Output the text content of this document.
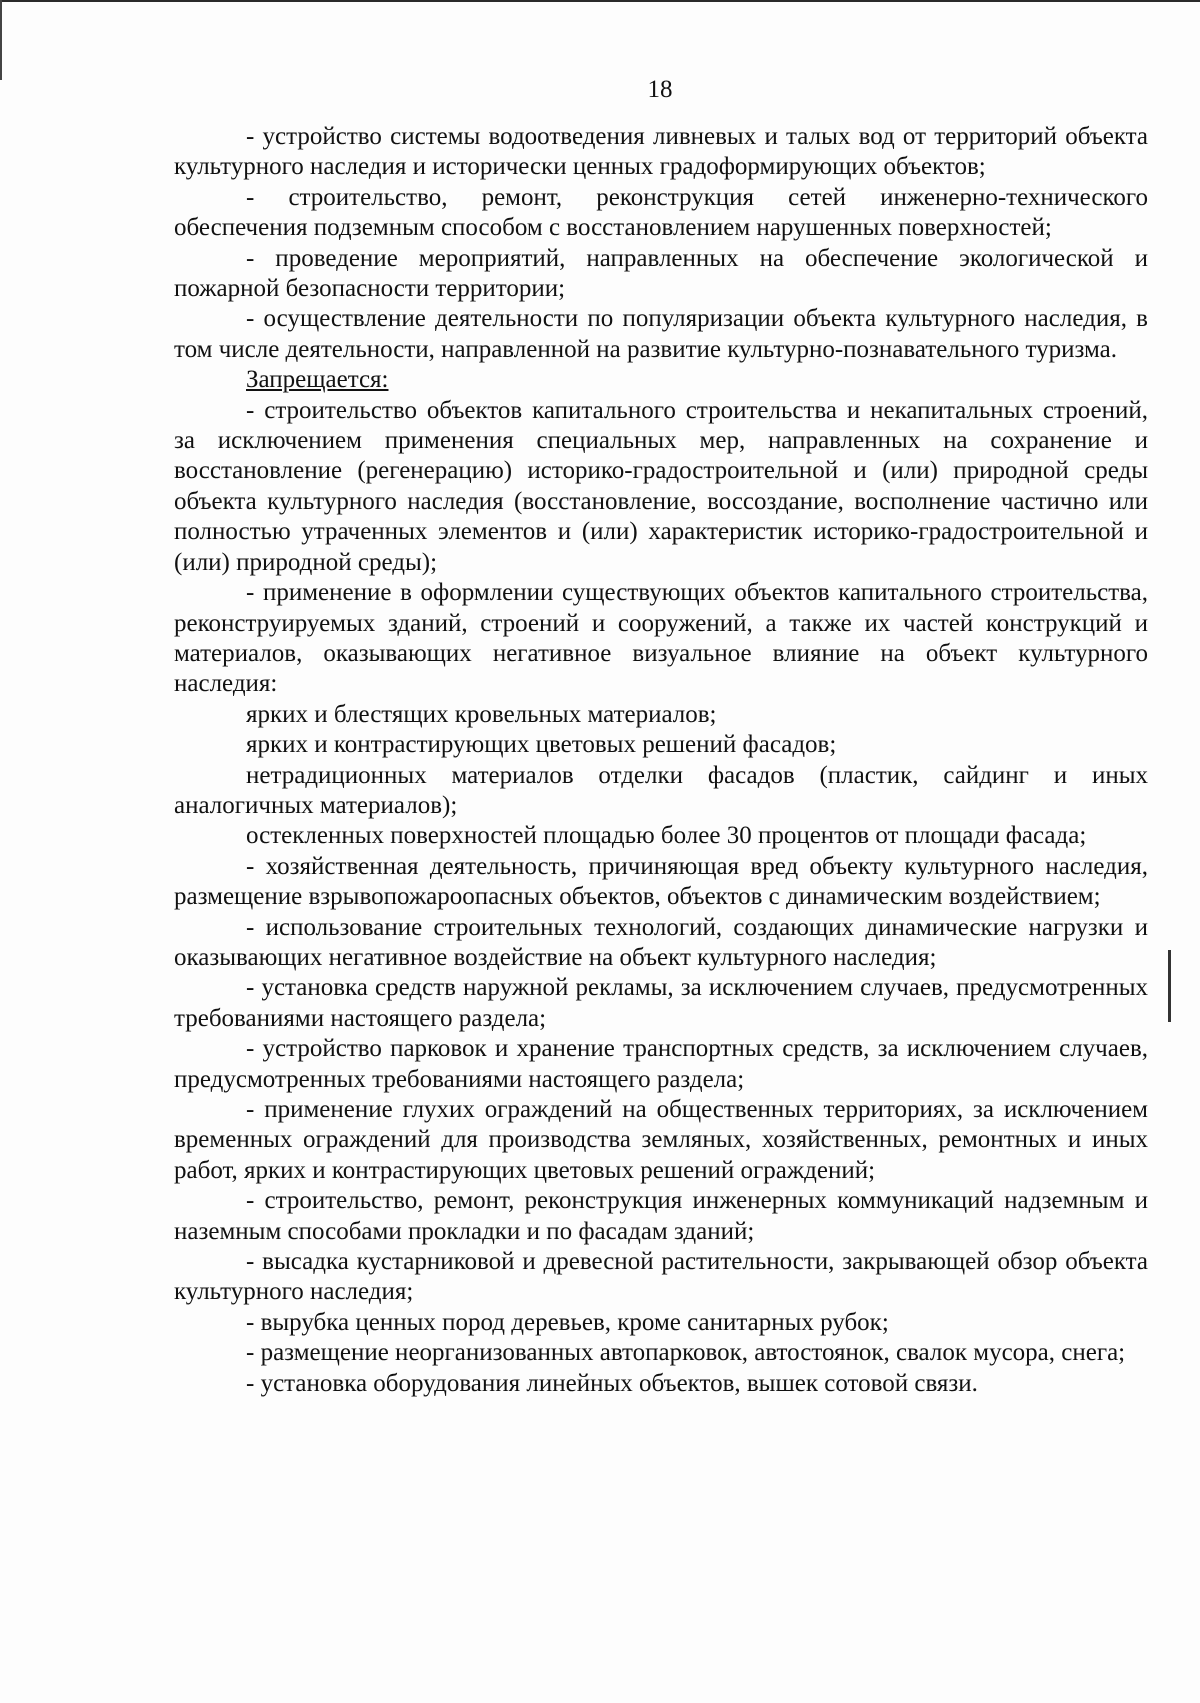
18

- устройство системы водоотведения ливневых и талых вод от территорий объекта культурного наследия и исторически ценных градоформирующих объектов;

- строительство, ремонт, реконструкция сетей инженерно-технического обеспечения подземным способом с восстановлением нарушенных поверхностей;

- проведение мероприятий, направленных на обеспечение экологической и пожарной безопасности территории;

- осуществление деятельности по популяризации объекта культурного наследия, в том числе деятельности, направленной на развитие культурно-познавательного туризма.

Запрещается:

- строительство объектов капитального строительства и некапитальных строений, за исключением применения специальных мер, направленных на сохранение и восстановление (регенерацию) историко-градостроительной и (или) природной среды объекта культурного наследия (восстановление, воссоздание, восполнение частично или полностью утраченных элементов и (или) характеристик историко-градостроительной и (или) природной среды);

- применение в оформлении существующих объектов капитального строительства, реконструируемых зданий, строений и сооружений, а также их частей конструкций и материалов, оказывающих негативное визуальное влияние на объект культурного наследия:

ярких и блестящих кровельных материалов;

ярких и контрастирующих цветовых решений фасадов;

нетрадиционных материалов отделки фасадов (пластик, сайдинг и иных аналогичных материалов);

остекленных поверхностей площадью более 30 процентов от площади фасада;

- хозяйственная деятельность, причиняющая вред объекту культурного наследия, размещение взрывопожароопасных объектов, объектов с динамическим воздействием;

- использование строительных технологий, создающих динамические нагрузки и оказывающих негативное воздействие на объект культурного наследия;

- установка средств наружной рекламы, за исключением случаев, предусмотренных требованиями настоящего раздела;

- устройство парковок и хранение транспортных средств, за исключением случаев, предусмотренных требованиями настоящего раздела;

- применение глухих ограждений на общественных территориях, за исключением временных ограждений для производства земляных, хозяйственных, ремонтных и иных работ, ярких и контрастирующих цветовых решений ограждений;

- строительство, ремонт, реконструкция инженерных коммуникаций надземным и наземным способами прокладки и по фасадам зданий;

- высадка кустарниковой и древесной растительности, закрывающей обзор объекта культурного наследия;

- вырубка ценных пород деревьев, кроме санитарных рубок;

- размещение неорганизованных автопарковок, автостоянок, свалок мусора, снега;

- установка оборудования линейных объектов, вышек сотовой связи.
